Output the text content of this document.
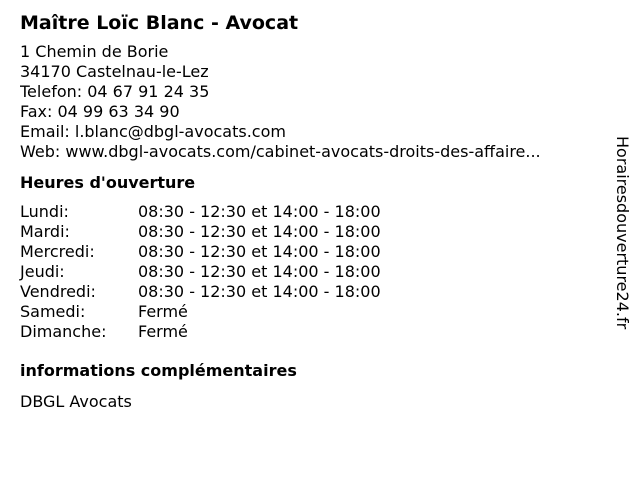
Maître Loïc Blanc - Avocat
1 Chemin de Borie
34170 Castelnau-le-Lez
Telefon: 04 67 91 24 35
Fax: 04 99 63 34 90
Email: l.blanc@dbgl-avocats.com
Web: www.dbgl-avocats.com/cabinet-avocats-droits-des-affaire...
Heures d'ouverture
Lundi:	08:30 - 12:30 et 14:00 - 18:00
Mardi:	08:30 - 12:30 et 14:00 - 18:00
Mercredi:	08:30 - 12:30 et 14:00 - 18:00
Jeudi:	08:30 - 12:30 et 14:00 - 18:00
Vendredi:	08:30 - 12:30 et 14:00 - 18:00
Samedi:	Fermé
Dimanche:	Fermé
informations complémentaires
DBGL Avocats
Horairesdouverture24.fr
